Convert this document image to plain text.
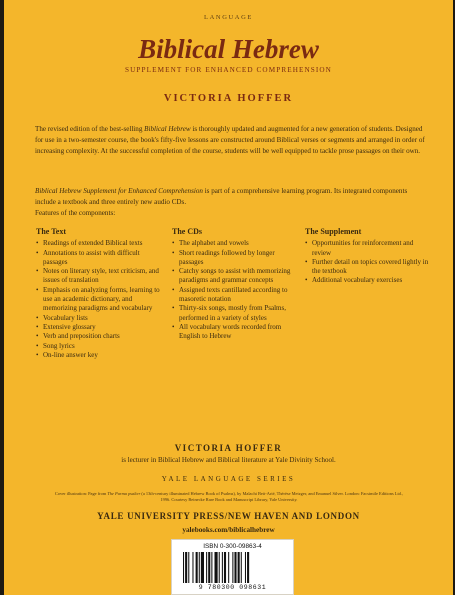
LANGUAGE
Biblical Hebrew
SUPPLEMENT FOR ENHANCED COMPREHENSION
VICTORIA HOFFER
The revised edition of the best-selling Biblical Hebrew is thoroughly updated and augmented for a new generation of students. Designed for use in a two-semester course, the book's fifty-five lessons are constructed around Biblical verses or segments and arranged in order of increasing complexity. At the successful completion of the course, students will be well equipped to tackle prose passages on their own.
Biblical Hebrew Supplement for Enhanced Comprehension is part of a comprehensive learning program. Its integrated components include a textbook and three entirely new audio CDs.
Features of the components:
The Text
• Readings of extended Biblical texts
• Annotations to assist with difficult passages
• Notes on literary style, text criticism, and issues of translation
• Emphasis on analyzing forms, learning to use an academic dictionary, and memorizing paradigms and vocabulary
• Vocabulary lists
• Extensive glossary
• Verb and preposition charts
• Song lyrics
• On-line answer key
The CDs
• The alphabet and vowels
• Short readings followed by longer passages
• Catchy songs to assist with memorizing paradigms and grammar concepts
• Assigned texts cantillated according to masoretic notation
• Thirty-six songs, mostly from Psalms, performed in a variety of styles
• All vocabulary words recorded from English to Hebrew
The Supplement
• Opportunities for reinforcement and review
• Further detail on topics covered lightly in the textbook
• Additional vocabulary exercises
VICTORIA HOFFER
is lecturer in Biblical Hebrew and Biblical literature at Yale Divinity School.
YALE LANGUAGE SERIES
Cover illustration: Page from The Parma psalter (a 13th-century illuminated Hebrew Book of Psalms), by Malachi Beit-Arié, Thérèse Metzger, and Emanuel Silver. London: Facsimile Editions Ltd., 1996. Courtesy Beinecke Rare Book and Manuscript Library, Yale University.
YALE UNIVERSITY PRESS/NEW HAVEN AND LONDON
yalebooks.com/biblicalhebrew
ISBN 0-300-09863-4
9 780300 098631
